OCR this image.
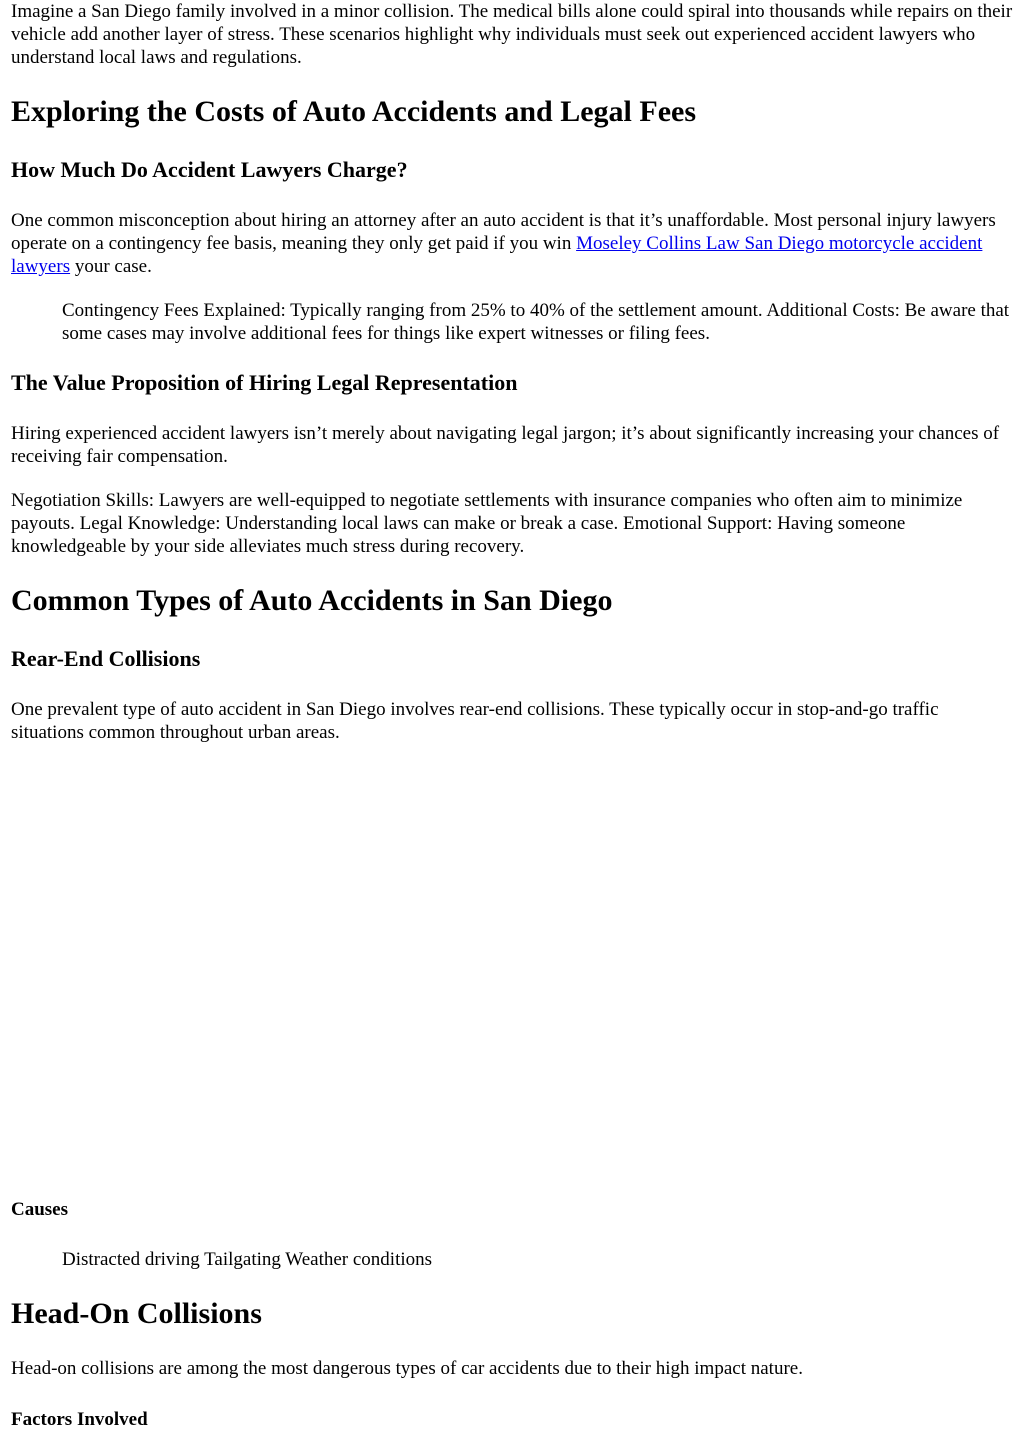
Imagine a San Diego family involved in a minor collision. The medical bills alone could spiral into thousands while repairs on their vehicle add another layer of stress. These scenarios highlight why individuals must seek out experienced accident lawyers who understand local laws and regulations.

Exploring the Costs of Auto Accidents and Legal Fees
How Much Do Accident Lawyers Charge?

One common misconception about hiring an attorney after an auto accident is that it’s unaffordable. Most personal injury lawyers operate on a contingency fee basis, meaning they only get paid if you win Moseley Collins Law San Diego motorcycle accident lawyers your case.

Contingency Fees Explained: Typically ranging from 25% to 40% of the settlement amount. Additional Costs: Be aware that some cases may involve additional fees for things like expert witnesses or filing fees.
The Value Proposition of Hiring Legal Representation

Hiring experienced accident lawyers isn’t merely about navigating legal jargon; it’s about significantly increasing your chances of receiving fair compensation.

Negotiation Skills: Lawyers are well-equipped to negotiate settlements with insurance companies who often aim to minimize payouts. Legal Knowledge: Understanding local laws can make or break a case. Emotional Support: Having someone knowledgeable by your side alleviates much stress during recovery.

Common Types of Auto Accidents in San Diego
Rear-End Collisions

One prevalent type of auto accident in San Diego involves rear-end collisions. These typically occur in stop-and-go traffic situations common throughout urban areas.

Causes
Distracted driving Tailgating Weather conditions
Head-On Collisions

Head-on collisions are among the most dangerous types of car accidents due to their high impact nature.

Factors Involved
